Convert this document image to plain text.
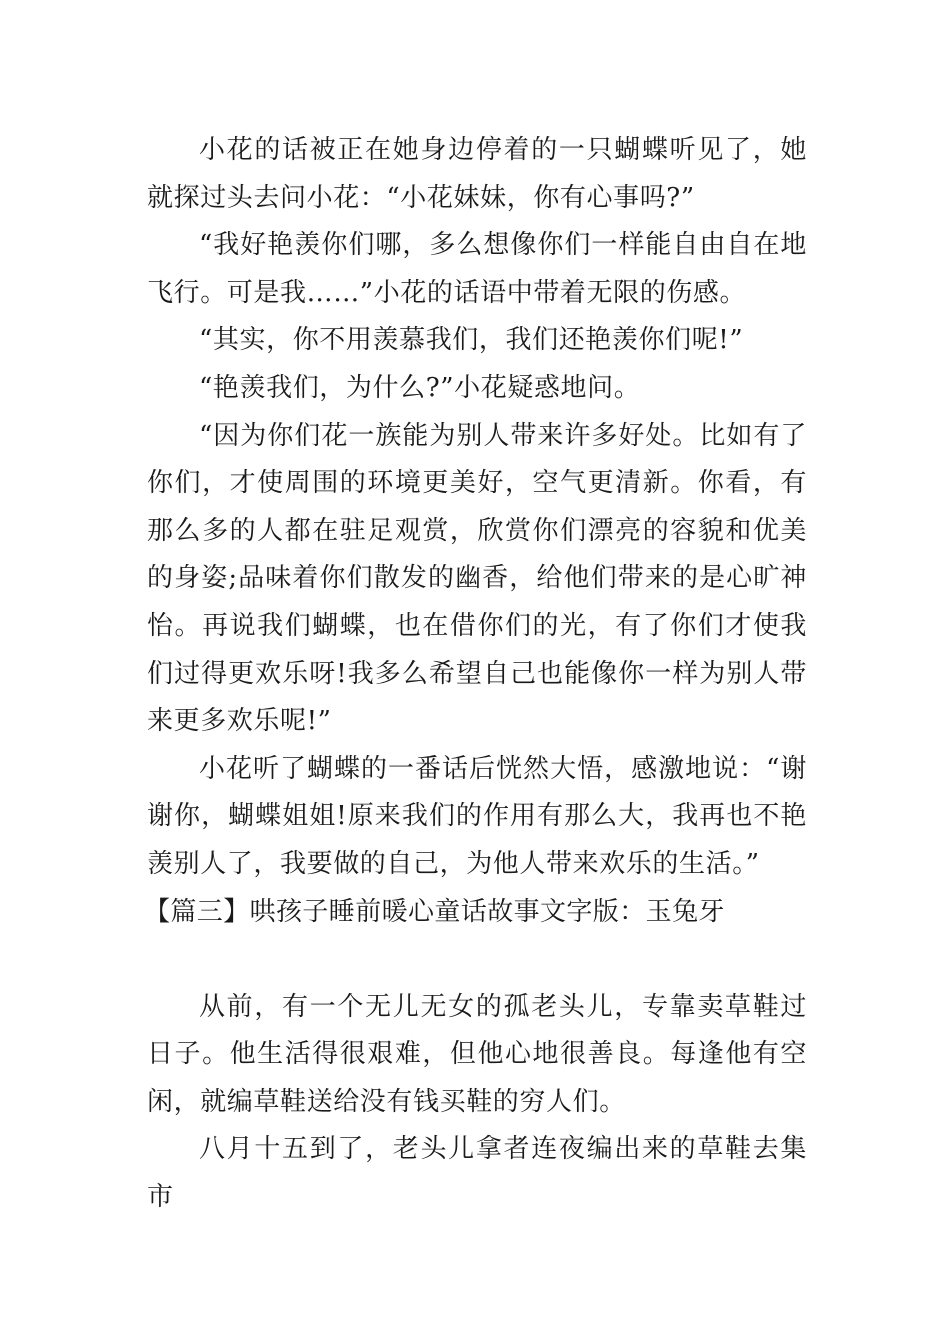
小花的话被正在她身边停着的一只蝴蝶听见了，她就探过头去问小花：“小花妹妹，你有心事吗?”

“我好艳羡你们哪，多么想像你们一样能自由自在地飞行。可是我……”小花的话语中带着无限的伤感。

“其实，你不用羡慕我们，我们还艳羡你们呢!”

“艳羡我们，为什么?”小花疑惑地问。

“因为你们花一族能为别人带来许多好处。比如有了你们，才使周围的环境更美好，空气更清新。你看，有那么多的人都在驻足观赏，欣赏你们漂亮的容貌和优美的身姿;品味着你们散发的幽香，给他们带来的是心旷神怡。再说我们蝴蝶，也在借你们的光，有了你们才使我们过得更欢乐呀!我多么希望自己也能像你一样为别人带来更多欢乐呢!”

小花听了蝴蝶的一番话后恍然大悟，感激地说：“谢谢你，蝴蝶姐姐!原来我们的作用有那么大，我再也不艳羡别人了，我要做的自己，为他人带来欢乐的生活。”

【篇三】哄孩子睡前暖心童话故事文字版：玉兔牙

从前，有一个无儿无女的孤老头儿，专靠卖草鞋过日子。他生活得很艰难，但他心地很善良。每逢他有空闲，就编草鞋送给没有钱买鞋的穷人们。

八月十五到了，老头儿拿者连夜编出来的草鞋去集市
